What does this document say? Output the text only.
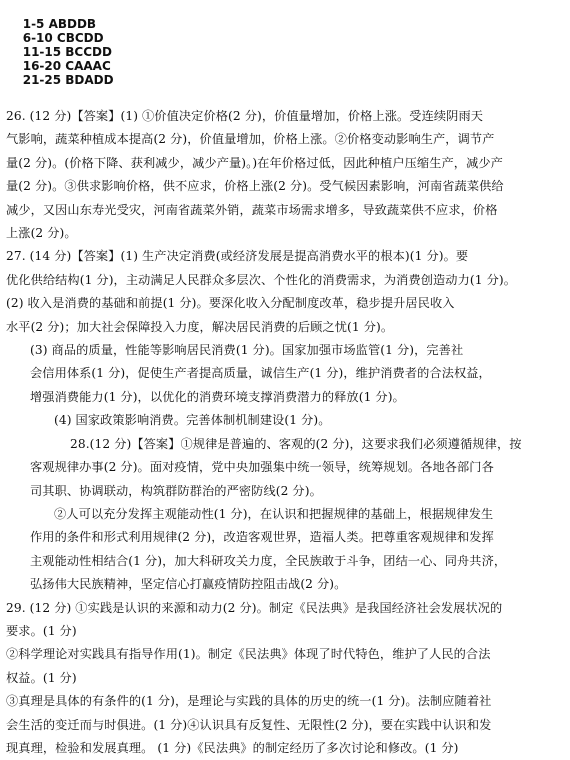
1-5 ABDDB
6-10 CBCDD
11-15 BCCDD
16-20 CAAAC
21-25 BDADD

26. (12 分)【答案】(1) ①价值决定价格(2 分)，价值量增加，价格上涨。受连续阴雨天
气影响，蔬菜种植成本提高(2 分)，价值量增加，价格上涨。②价格变动影响生产，调节产
量(2 分)。(价格下降、获利减少，减少产量)。)在年价格过低，因此种植户压缩生产，减少产
量(2 分)。③供求影响价格，供不应求，价格上涨(2 分)。受气候因素影响，河南省蔬菜供给
减少，又因山东寿光受灾，河南省蔬菜外销，蔬菜市场需求增多，导致蔬菜供不应求，价格
上涨(2 分)。
27. (14 分)【答案】(1) 生产决定消费(或经济发展是提高消费水平的根本)(1 分)。要
优化供给结构(1 分)，主动满足人民群众多层次、个性化的消费需求，为消费创造动力(1 分)。
(2) 收入是消费的基础和前提(1 分)。要深化收入分配制度改革，稳步提升居民收入
水平(2 分)；加大社会保障投入力度，解决居民消费的后顾之忧(1 分)。
(3) 商品的质量，性能等影响居民消费(1 分)。国家加强市场监管(1 分)，完善社
会信用体系(1 分)，促使生产者提高质量，诚信生产(1 分)，维护消费者的合法权益，
增强消费能力(1 分)，以优化的消费环境支撑消费潜力的释放(1 分)。
(4) 国家政策影响消费。完善体制机制建设(1 分)。
28.(12 分)【答案】①规律是普遍的、客观的(2 分)，这要求我们必须遵循规律，按
客观规律办事(2 分)。面对疫情，党中央加强集中统一领导，统筹规划。各地各部门各
司其职、协调联动，构筑群防群治的严密防线(2 分)。
②人可以充分发挥主观能动性(1 分)，在认识和把握规律的基础上，根据规律发生
作用的条件和形式利用规律(2 分)，改造客观世界，造福人类。把尊重客观规律和发挥
主观能动性相结合(1 分)，加大科研攻关力度，全民族敢于斗争，团结一心、同舟共济，
弘扬伟大民族精神，坚定信心打赢疫情防控阻击战(2 分)。
29. (12 分) ①实践是认识的来源和动力(2 分)。制定《民法典》是我国经济社会发展状况的
要求。(1 分)
②科学理论对实践具有指导作用(1)。制定《民法典》体现了时代特色，维护了人民的合法
权益。(1 分)
③真理是具体的有条件的(1 分)，是理论与实践的具体的历史的统一(1 分)。法制应随着社
会生活的变迁而与时俱进。(1 分)④认识具有反复性、无限性(2 分)，要在实践中认识和发
现真理，检验和发展真理。 (1 分)《民法典》的制定经历了多次讨论和修改。(1 分)
